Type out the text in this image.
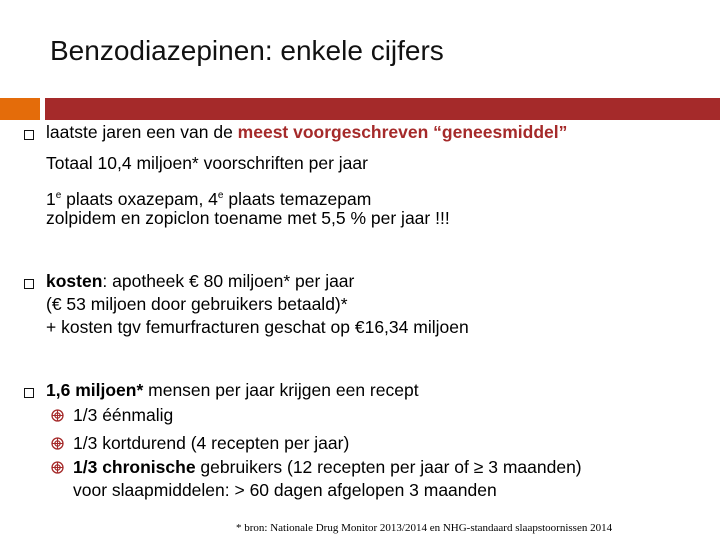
Benzodiazepinen: enkele cijfers
laatste jaren een van de meest voorgeschreven “geneesmiddel”
Totaal 10,4 miljoen* voorschriften per jaar
1e plaats oxazepam, 4e plaats temazepam
zolpidem en zopiclon toename met 5,5 % per jaar !!!
kosten: apotheek € 80 miljoen* per jaar
(€ 53 miljoen door gebruikers betaald)*
+ kosten tgv femurfracturen geschat op €16,34 miljoen
1,6 miljoen* mensen per jaar krijgen een recept
1/3 éénmalig
1/3 kortdurend (4 recepten per jaar)
1/3 chronische gebruikers (12 recepten per jaar of ≥ 3 maanden)
voor slaapmiddelen: > 60 dagen afgelopen 3 maanden
* bron: Nationale Drug Monitor 2013/2014 en NHG-standaard slaapstoornissen 2014
